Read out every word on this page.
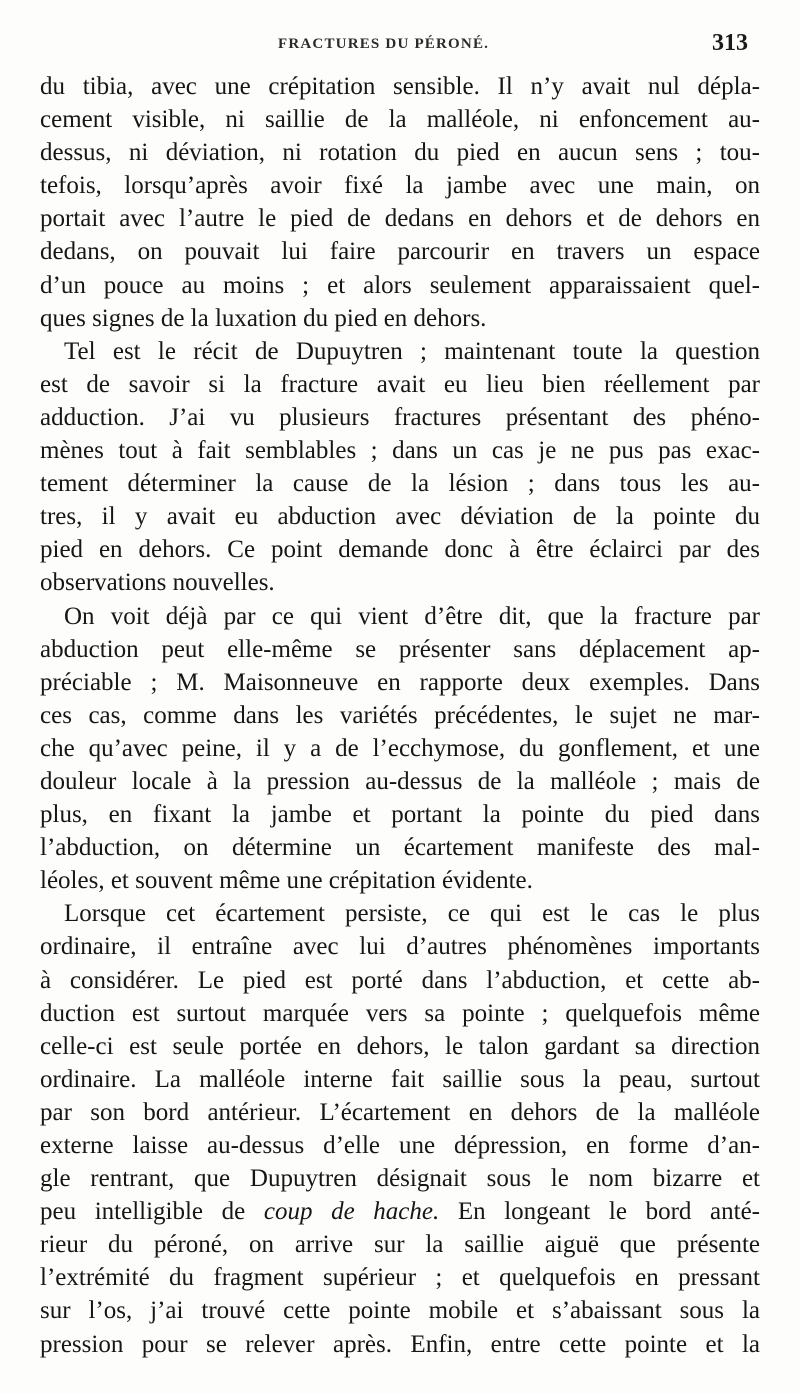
FRACTURES DU PÉRONÉ.	313
du tibia, avec une crépitation sensible. Il n’y avait nul dépla-
cement visible, ni saillie de la malléole, ni enfoncement au-
dessus, ni déviation, ni rotation du pied en aucun sens ; tou-
tefois, lorsqu’après avoir fixé la jambe avec une main, on
portait avec l’autre le pied de dedans en dehors et de dehors en
dedans, on pouvait lui faire parcourir en travers un espace
d’un pouce au moins ; et alors seulement apparaissaient quel-
ques signes de la luxation du pied en dehors.
Tel est le récit de Dupuytren ; maintenant toute la question
est de savoir si la fracture avait eu lieu bien réellement par
adduction. J’ai vu plusieurs fractures présentant des phéno-
mènes tout à fait semblables ; dans un cas je ne pus pas exac-
tement déterminer la cause de la lésion ; dans tous les au-
tres, il y avait eu abduction avec déviation de la pointe du
pied en dehors. Ce point demande donc à être éclairci par des
observations nouvelles.
On voit déjà par ce qui vient d’être dit, que la fracture par
abduction peut elle-même se présenter sans déplacement ap-
préciable ; M. Maisonneuve en rapporte deux exemples. Dans
ces cas, comme dans les variétés précédentes, le sujet ne mar-
che qu’avec peine, il y a de l’ecchymose, du gonflement, et une
douleur locale à la pression au-dessus de la malléole ; mais de
plus, en fixant la jambe et portant la pointe du pied dans
l’abduction, on détermine un écartement manifeste des mal-
léoles, et souvent même une crépitation évidente.
Lorsque cet écartement persiste, ce qui est le cas le plus
ordinaire, il entraîne avec lui d’autres phénomènes importants
à considérer. Le pied est porté dans l’abduction, et cette ab-
duction est surtout marquée vers sa pointe ; quelquefois même
celle-ci est seule portée en dehors, le talon gardant sa direction
ordinaire. La malléole interne fait saillie sous la peau, surtout
par son bord antérieur. L’écartement en dehors de la malléole
externe laisse au-dessus d’elle une dépression, en forme d’an-
gle rentrant, que Dupuytren désignait sous le nom bizarre et
peu intelligible de coup de hache. En longeant le bord anté-
rieur du péroné, on arrive sur la saillie aiguë que présente
l’extrémité du fragment supérieur ; et quelquefois en pressant
sur l’os, j’ai trouvé cette pointe mobile et s’abaissant sous la
pression pour se relever après. Enfin, entre cette pointe et la
